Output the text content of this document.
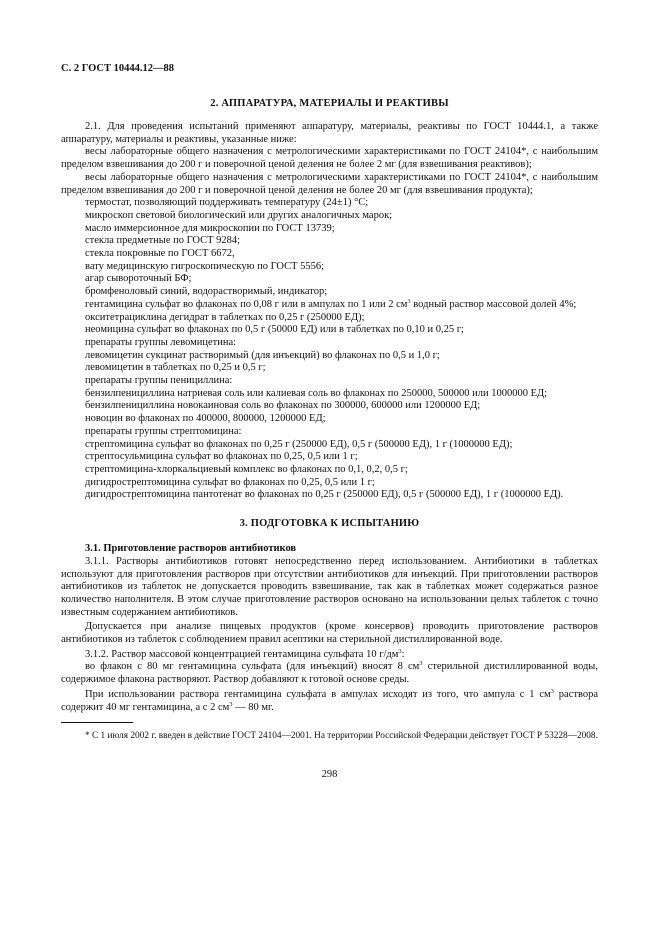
С. 2 ГОСТ 10444.12—88
2. АППАРАТУРА, МАТЕРИАЛЫ И РЕАКТИВЫ

2.1. Для проведения испытаний применяют аппаратуру, материалы, реактивы по ГОСТ 10444.1, а также аппаратуру, материалы и реактивы, указанные ниже:

весы лабораторные общего назначения с метрологическими характеристиками по ГОСТ 24104*, с наибольшим пределом взвешивания до 200 г и поверочной ценой деления не более 2 мг (для взвешивания реактивов);

весы лабораторные общего назначения с метрологическими характеристиками по ГОСТ 24104*, с наибольшим пределом взвешивания до 200 г и поверочной ценой деления не более 20 мг (для взвешивания продукта);

термостат, позволяющий поддерживать температуру (24±1) °С;

микроскоп световой биологический или других аналогичных марок;

масло иммерсионное для микроскопии по ГОСТ 13739;

стекла предметные по ГОСТ 9284;

стекла покровные по ГОСТ 6672,

вату медицинскую гигроскопическую по ГОСТ 5556;

агар сывороточный БФ;

бромфеноловый синий, водорастворимый, индикатор;

гентамицина сульфат во флаконах по 0,08 г или в ампулах по 1 или 2 $см^3$ водный раствор массовой долей 4%;

окситетрациклина дегидрат в таблетках по 0,25 г (250000 ЕД);

неомицина сульфат во флаконах по 0,5 г (50000 ЕД) или в таблетках по 0,10 и 0,25 г;

препараты группы левомицетина:

левомицетин сукцинат растворимый (для инъекций) во флаконах по 0,5 и 1,0 г;

левомицетин в таблетках по 0,25 и 0,5 г;

препараты группы пенициллина:

бензилпенициллина натриевая соль или калиевая соль во флаконах по 250000, 500000 или 1000000 ЕД;

бензилпенициллина новокаиновая соль во флаконах по 300000, 600000 или 1200000 ЕД;

новоцин во флаконах по 400000, 800000, 1200000 ЕД;

препараты группы стрептомицина:

стрептомицина сульфат во флаконах по 0,25 г (250000 ЕД), 0,5 г (500000 ЕД), 1 г (1000000 ЕД);

стрептосульмицина сульфат во флаконах по 0,25, 0,5 или 1 г;

стрептомицина-хлоркальциевый комплекс во флаконах по 0,1, 0,2, 0,5 г;

дигидрострептомицина сульфат во флаконах по 0,25, 0,5 или 1 г;

дигидрострептомицина пантотенат во флаконах по 0,25 г (250000 ЕД), 0,5 г (500000 ЕД), 1 г (1000000 ЕД).

3. ПОДГОТОВКА К ИСПЫТАНИЮ

3.1. Приготовление растворов антибиотиков

3.1.1. Растворы антибиотиков готовят непосредственно перед использованием. Антибиотики в таблетках используют для приготовления растворов при отсутствии антибиотиков для инъекций. При приготовлении растворов антибиотиков из таблеток не допускается проводить взвешивание, так как в таблетках может содержаться разное количество наполнителя. В этом случае приготовление растворов основано на использовании целых таблеток с точно известным содержанием антибиотиков.

Допускается при анализе пищевых продуктов (кроме консервов) проводить приготовление растворов антибиотиков из таблеток с соблюдением правил асептики на стерильной дистиллированной воде.

3.1.2. Раствор массовой концентрацией гентамицина сульфата 10 $г/дм^3$:

во флакон с 80 мг гентамицина сульфата (для инъекций) вносят 8 $см^3$ стерильной дистиллированной воды, содержимое флакона растворяют. Раствор добавляют к готовой основе среды.

При использовании раствора гентамицина сульфата в ампулах исходят из того, что ампула с 1 $см^3$ раствора содержит 40 мг гентамицина, а с 2 $см^3$ — 80 мг.

* С 1 июля 2002 г. введен в действие ГОСТ 24104—2001. На территории Российской Федерации действует ГОСТ Р 53228—2008.

298
